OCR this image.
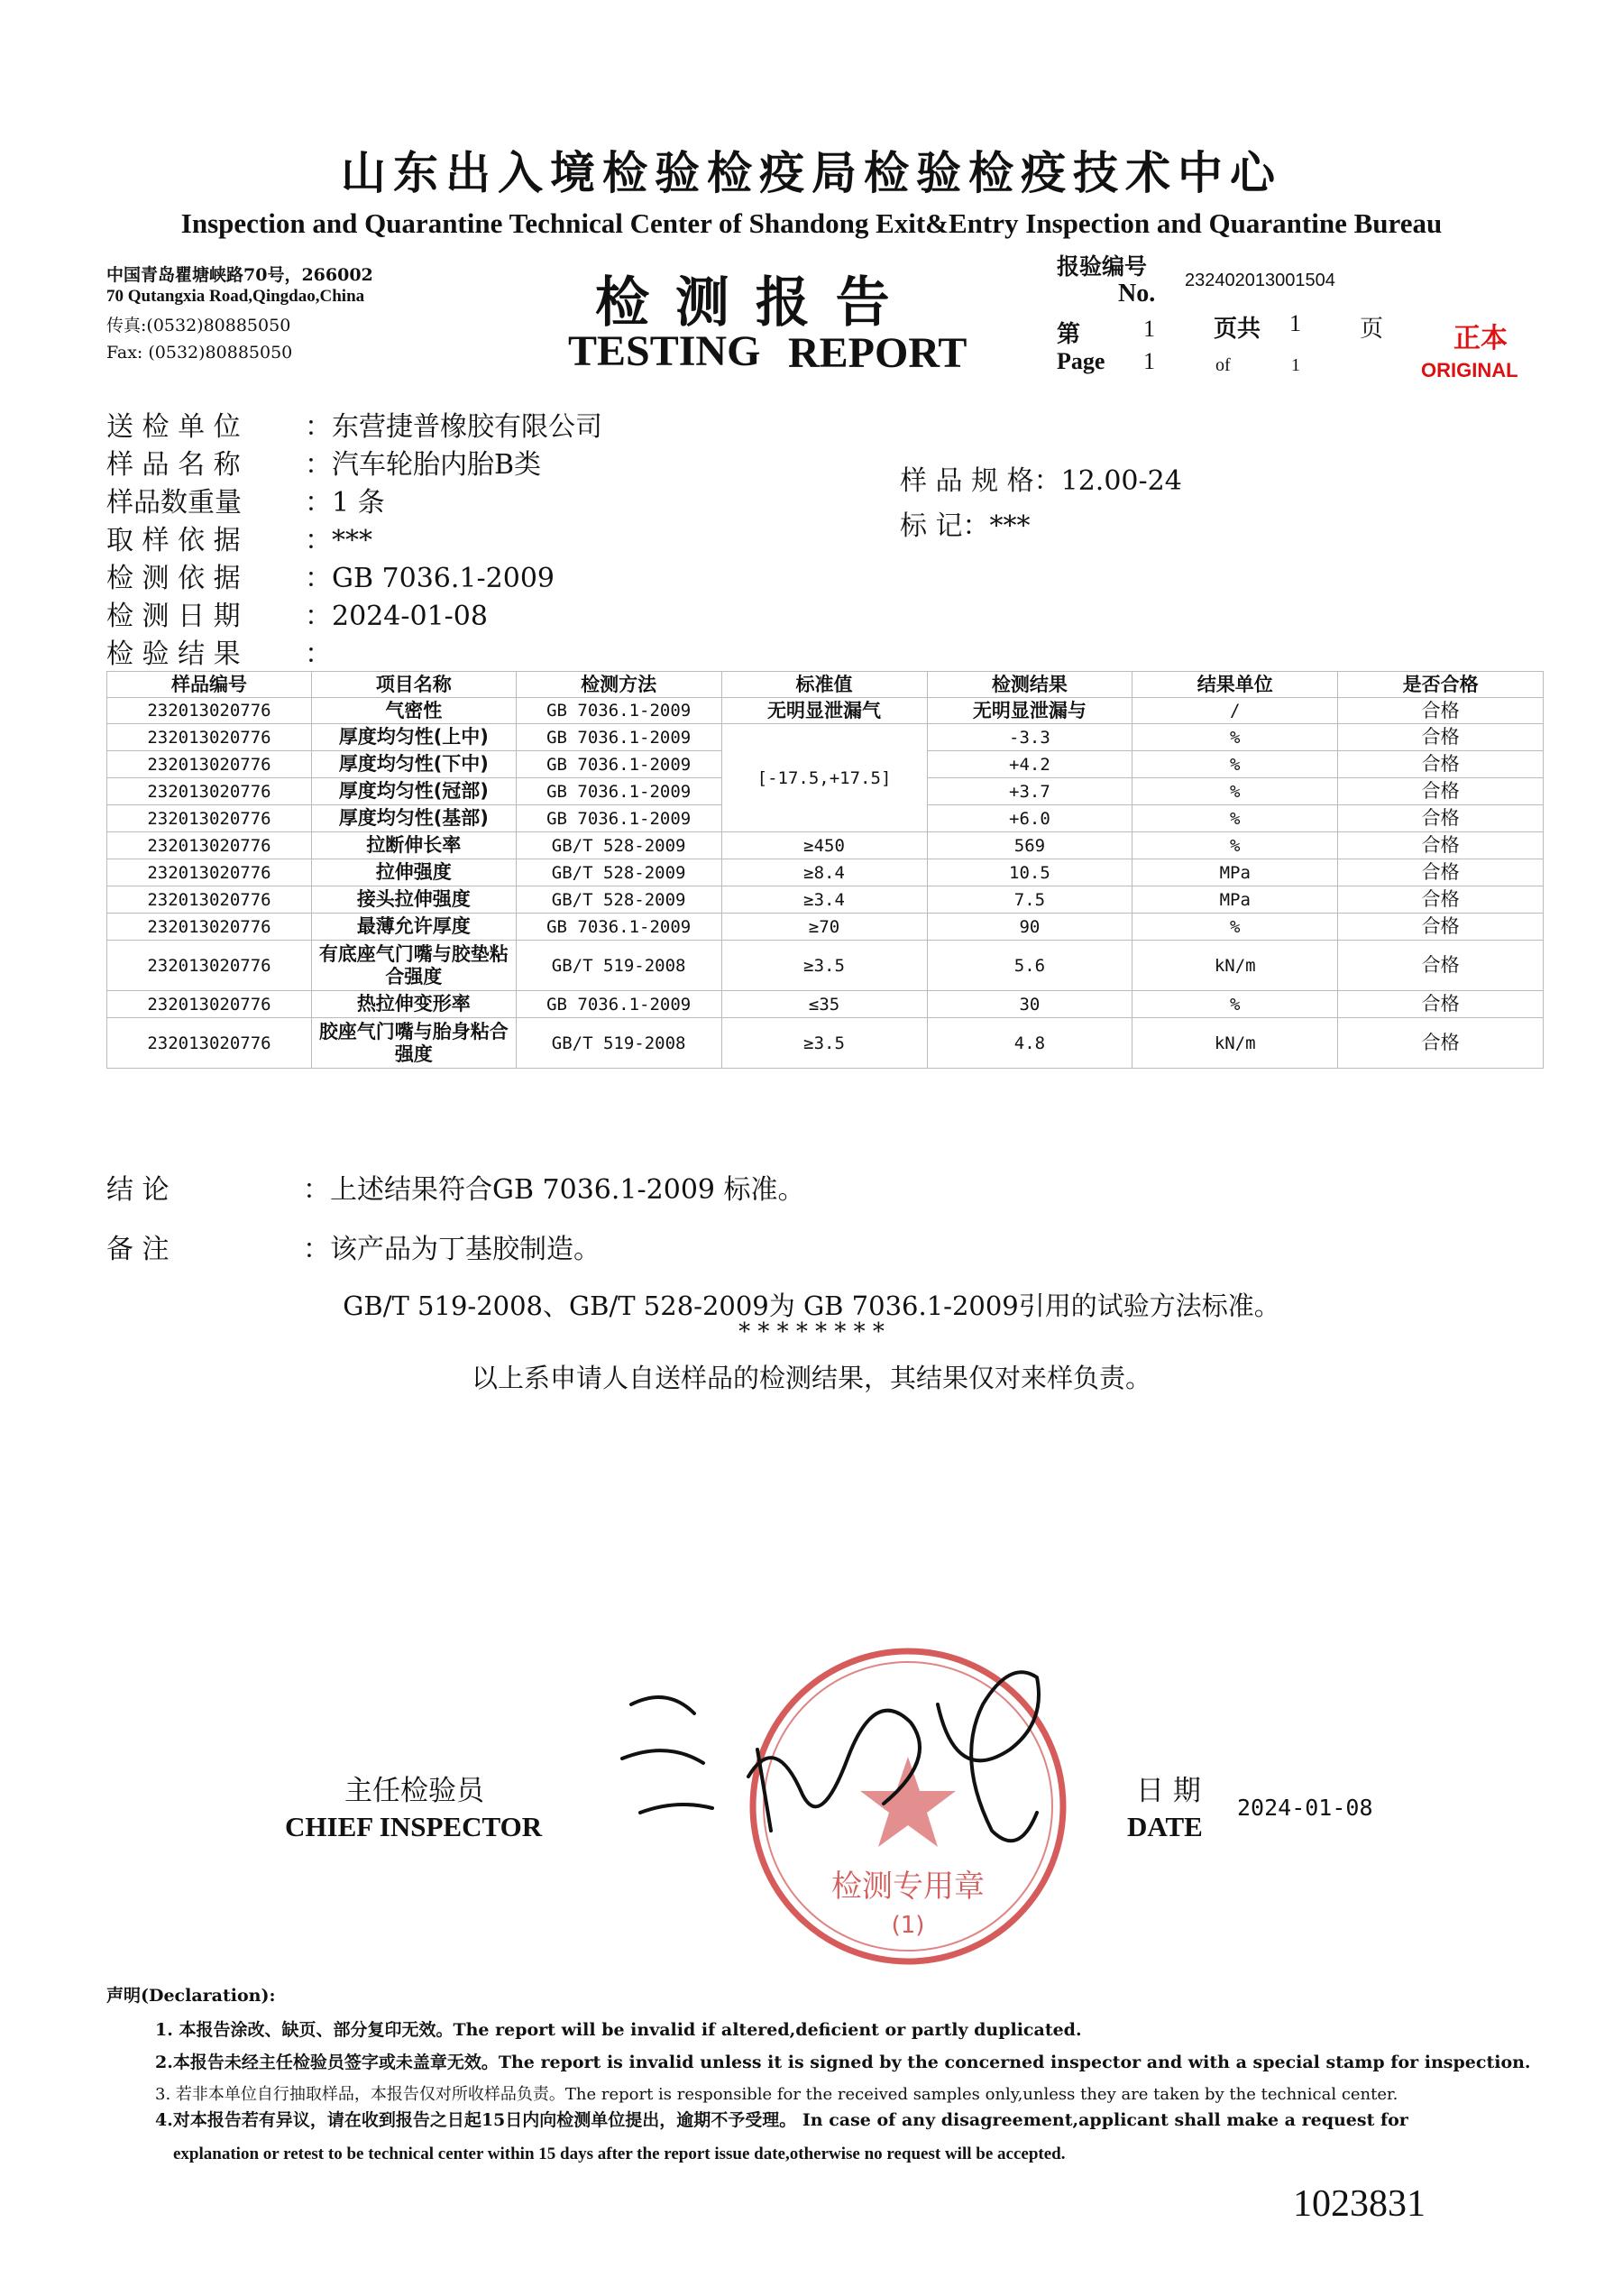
山东出入境检验检疫局检验检疫技术中心
Inspection and Quarantine Technical Center of Shandong Exit&Entry Inspection and Quarantine Bureau
中国青岛瞿塘峡路70号，266002
70 Qutangxia Road,Qingdao,China
传真:(0532)80885050
Fax: (0532)80885050
检 测 报 告
TESTING REPORT
报验编号
No. 232402013001504
第	1	页共 1	页
Page 1	of	1
正本
ORIGINAL
送 检 单 位 ：东营捷普橡胶有限公司
样 品 名 称 ：汽车轮胎内胎B类
样品数重量 ：1 条
取 样 依 据 ：***
检 测 依 据 ：GB 7036.1-2009
检 测 日 期 ：2024-01-08
检 验 结 果 ：
样 品 规 格：12.00-24
标 记：***
样品编号	项目名称	检测方法	标准值	检测结果	结果单位	是否合格
232013020776	气密性	GB 7036.1-2009	无明显泄漏气	无明显泄漏与	/	合格
232013020776	厚度均匀性(上中)	GB 7036.1-2009	[-17.5,+17.5]	-3.3	%	合格
232013020776	厚度均匀性(下中)	GB 7036.1-2009		+4.2	%	合格
232013020776	厚度均匀性(冠部)	GB 7036.1-2009		+3.7	%	合格
232013020776	厚度均匀性(基部)	GB 7036.1-2009		+6.0	%	合格
232013020776	拉断伸长率	GB/T 528-2009	≥450	569	%	合格
232013020776	拉伸强度	GB/T 528-2009	≥8.4	10.5	MPa	合格
232013020776	接头拉伸强度	GB/T 528-2009	≥3.4	7.5	MPa	合格
232013020776	最薄允许厚度	GB 7036.1-2009	≥70	90	%	合格
232013020776	有底座气门嘴与胶垫粘合强度	GB/T 519-2008	≥3.5	5.6	kN/m	合格
232013020776	热拉伸变形率	GB 7036.1-2009	≤35	30	%	合格
232013020776	胶座气门嘴与胎身粘合强度	GB/T 519-2008	≥3.5	4.8	kN/m	合格
结 论	：上述结果符合GB 7036.1-2009 标准。
备 注	：该产品为丁基胶制造。
GB/T 519-2008、GB/T 528-2009为 GB 7036.1-2009引用的试验方法标准。
* * * * * * * *
以上系申请人自送样品的检测结果，其结果仅对来样负责。
检测专用章
(1)
主任检验员
CHIEF INSPECTOR
日 期
DATE
2024-01-08
声明(Declaration):
1. 本报告涂改、缺页、部分复印无效。The report will be invalid if altered,deficient or partly duplicated.
2.本报告未经主任检验员签字或未盖章无效。The report is invalid unless it is signed by the concerned inspector and with a special stamp for inspection.
3. 若非本单位自行抽取样品，本报告仅对所收样品负责。The report is responsible for the received samples only,unless they are taken by the technical center.
4.对本报告若有异议，请在收到报告之日起15日内向检测单位提出，逾期不予受理。 In case of any disagreement,applicant shall make a request for
explanation or retest to be technical center within 15 days after the report issue date,otherwise no request will be accepted.
1023831
